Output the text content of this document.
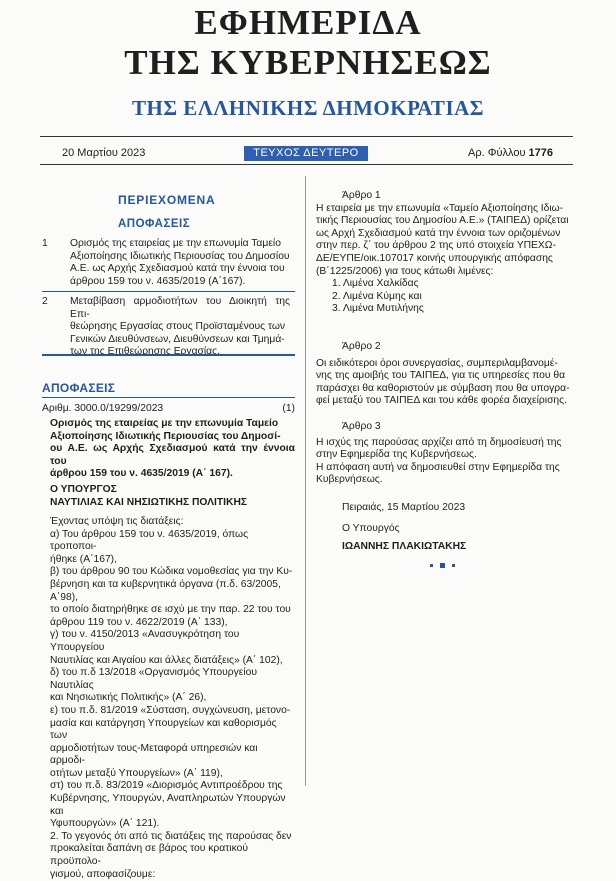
ΕΦΗΜΕΡΙΔΑ
ΤΗΣ ΚΥΒΕΡΝΗΣΕΩΣ
ΤΗΣ ΕΛΛΗΝΙΚΗΣ ΔΗΜΟΚΡΑΤΙΑΣ
20 Μαρτίου 2023	ΤΕΥΧΟΣ ΔΕΥΤΕΡΟ	Αρ. Φύλλου 1776
ΠΕΡΙΕΧΟΜΕΝΑ
ΑΠΟΦΑΣΕΙΣ
1 Ορισμός της εταιρείας με την επωνυμία Ταμείο
Αξιοποίησης Ιδιωτικής Περιουσίας του Δημοσίου
Α.Ε. ως Αρχής Σχεδιασμού κατά την έννοια του
άρθρου 159 του ν. 4635/2019 (Α΄167).
2 Μεταβίβαση αρμοδιοτήτων του Διοικητή της Επι-
θεώρησης Εργασίας στους Προϊσταμένους των
Γενικών Διευθύνσεων, Διευθύνσεων και Τμημά-
των της Επιθεώρησης Εργασίας.
ΑΠΟΦΑΣΕΙΣ
Αριθμ. 3000.0/19299/2023	(1)
Ορισμός της εταιρείας με την επωνυμία Ταμείο
Αξιοποίησης Ιδιωτικής Περιουσίας του Δημοσί-
ου Α.Ε. ως Αρχής Σχεδιασμού κατά την έννοια του
άρθρου 159 του ν. 4635/2019 (Α΄ 167).
Ο ΥΠΟΥΡΓΟΣ
ΝΑΥΤΙΛΙΑΣ ΚΑΙ ΝΗΣΙΩΤΙΚΗΣ ΠΟΛΙΤΙΚΗΣ
Έχοντας υπόψη τις διατάξεις:
α) Του άρθρου 159 του ν. 4635/2019, όπως τροποποι-
ήθηκε (Α΄167),
β) του άρθρου 90 του Κώδικα νομοθεσίας για την Κυ-
βέρνηση και τα κυβερνητικά όργανα (π.δ. 63/2005, Α΄98),
το οποίο διατηρήθηκε σε ισχύ με την παρ. 22 του του
άρθρου 119 του ν. 4622/2019 (Α΄ 133),
γ) του ν. 4150/2013 «Ανασυγκρότηση του Υπουργείου
Ναυτιλίας και Αιγαίου και άλλες διατάξεις» (Α΄ 102),
δ) του π.δ 13/2018 «Οργανισμός Υπουργείου Ναυτιλίας
και Νησιωτικής Πολιτικής» (Α΄ 26),
ε) του π.δ. 81/2019 «Σύσταση, συγχώνευση, μετονο-
μασία και κατάργηση Υπουργείων και καθορισμός των
αρμοδιοτήτων τους-Μεταφορά υπηρεσιών και αρμοδι-
οτήτων μεταξύ Υπουργείων» (Α΄ 119),
στ) του π.δ. 83/2019 «Διορισμός Αντιπροέδρου της
Κυβέρνησης, Υπουργών, Αναπληρωτών Υπουργών και
Υφυπουργών» (Α΄ 121).
2. Το γεγονός ότι από τις διατάξεις της παρούσας δεν
προκαλείται δαπάνη σε βάρος του κρατικού προϋπολο-
γισμού, αποφασίζουμε:
Άρθρο 1
Η εταιρεία με την επωνυμία «Ταμείο Αξιοποίησης Ιδιω-
τικής Περιουσίας του Δημοσίου Α.Ε.» (ΤΑΙΠΕΔ) ορίζεται
ως Αρχή Σχεδιασμού κατά την έννοια των οριζομένων
στην περ. ζ΄ του άρθρου 2 της υπό στοιχεία ΥΠΕΧΩ-
ΔΕ/ΕΥΠΕ/οικ.107017 κοινής υπουργικής απόφασης
(Β΄1225/2006) για τους κάτωθι λιμένες:
1. Λιμένα Χαλκίδας
2. Λιμένα Κύμης και
3. Λιμένα Μυτιλήνης
Άρθρο 2
Οι ειδικότεροι όροι συνεργασίας, συμπεριλαμβανομέ-
νης της αμοιβής του ΤΑΙΠΕΔ, για τις υπηρεσίες που θα
παράσχει θα καθοριστούν με σύμβαση που θα υπογρα-
φεί μεταξύ του ΤΑΙΠΕΔ και του κάθε φορέα διαχείρισης.
Άρθρο 3
Η ισχύς της παρούσας αρχίζει από τη δημοσίευσή της
στην Εφημερίδα της Κυβερνήσεως.
Η απόφαση αυτή να δημοσιευθεί στην Εφημερίδα της
Κυβερνήσεως.
Πειραιάς, 15 Μαρτίου 2023
Ο Υπουργός
ΙΩΑΝΝΗΣ ΠΛΑΚΙΩΤΑΚΗΣ
